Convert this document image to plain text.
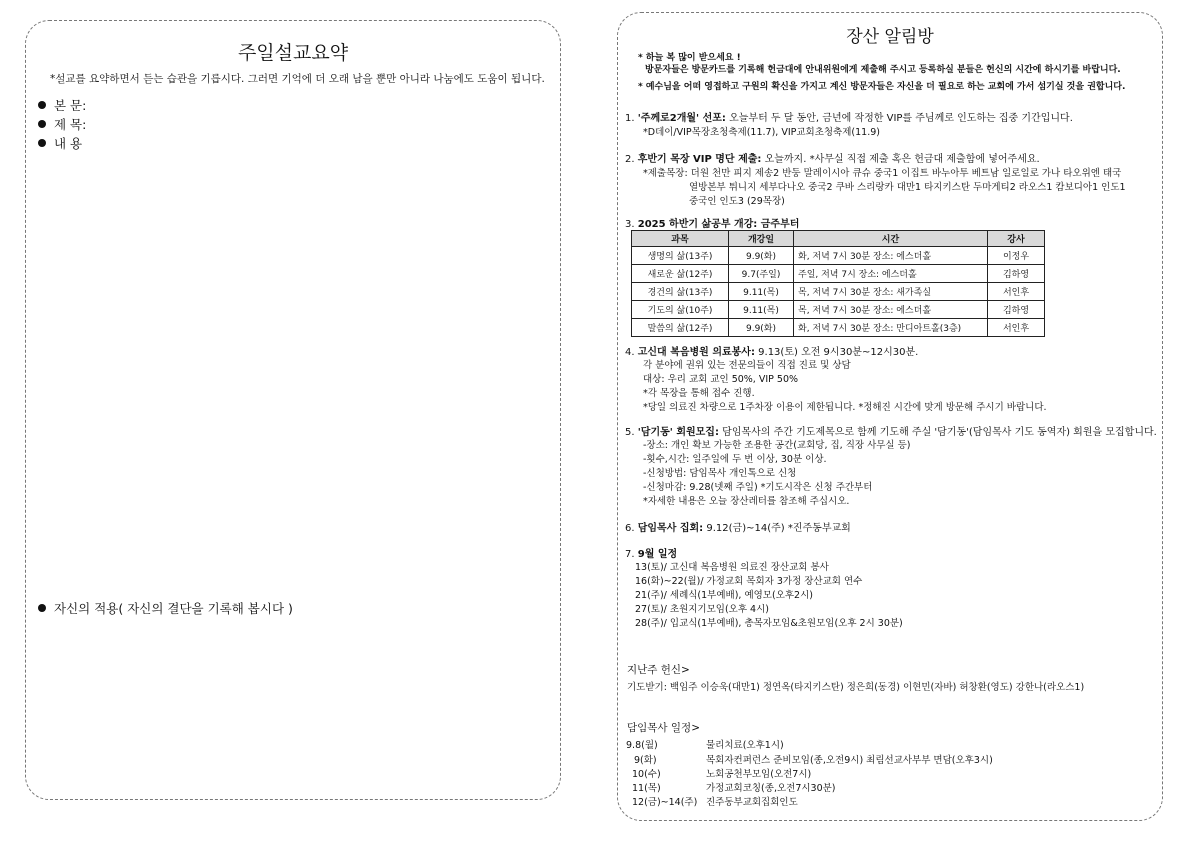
주일설교요약
*설교를 요약하면서 듣는 습관을 기릅시다. 그러면 기억에 더 오래 남을 뿐만 아니라 나눔에도 도움이 됩니다.
본 문:
제 목:
내 용
자신의 적용( 자신의 결단을 기록해 봅시다 )
장산 알림방
* 하늘 복 많이 받으세요 !
방문자들은 방문카드를 기록해 헌금대에 안내위원에게 제출해 주시고 등록하실 분들은 헌신의 시간에 하시기를 바랍니다.
* 예수님을 어떠 영접하고 구원의 확신을 가지고 계신 방문자들은 자신을 더 필요로 하는 교회에 가서 섬기실 것을 권합니다.
1. '주께로2개월' 선포: 오늘부터 두 달 동안, 금년에 작정한 VIP를 주님께로 인도하는 집중 기간입니다.
*D데이/VIP목장초청축제(11.7), VIP교회초청축제(11.9)
2. 후반기 목장 VIP 명단 제출: 오늘까지. *사무실 직접 제출 혹은 헌금대 제출함에 넣어주세요.
*제출목장: 더원 천만 피지 제송2 반둥 말레이시아 큐슈 중국1 이집트 바누아투 베트남 일로일로 가나 타오위엔 태국
열방본부 튀니지 세부다나오 중국2 쿠바 스리랑카 대만1 타지키스탄 두마게티2 라오스1 캄보디아1 인도1
중국인 인도3 (29목장)
3. 2025 하반기 삶공부 개강: 금주부터
과목	개강일	시간	강사
생명의 삶(13주)	9.9(화)	화, 저녁 7시 30분 장소: 에스더홀	이정우
새로운 삶(12주)	9.7(주일)	주일, 저녁 7시 장소: 에스더홀	김하영
경건의 삶(13주)	9.11(목)	목, 저녁 7시 30분 장소: 새가족실	서인후
기도의 삶(10주)	9.11(목)	목, 저녁 7시 30분 장소: 에스더홀	김하영
말씀의 삶(12주)	9.9(화)	화, 저녁 7시 30분 장소: 만디아트홀(3층)	서인후
4. 고신대 복음병원 의료봉사: 9.13(토) 오전 9시30분~12시30분.
각 분야에 권위 있는 전문의들이 직접 진료 및 상담
대상: 우리 교회 교인 50%, VIP 50%
*각 목장을 통해 접수 진행.
*당일 의료진 차량으로 1주차장 이용이 제한됩니다. *정해진 시간에 맞게 방문해 주시기 바랍니다.
5. '담기동' 회원모집: 담임목사의 주간 기도제목으로 함께 기도해 주실 '담기동'(담임목사 기도 동역자) 회원을 모집합니다.
-장소: 개인 확보 가능한 조용한 공간(교회당, 집, 직장 사무실 등)
-횟수,시간: 일주일에 두 번 이상, 30분 이상.
-신청방법: 담임목사 개인톡으로 신청
-신청마감: 9.28(넷째 주일) *기도시작은 신청 주간부터
*자세한 내용은 오늘 장산레터를 참조해 주십시오.
6. 담임목사 집회: 9.12(금)~14(주) *진주동부교회
7. 9월 일정
13(토)/ 고신대 복음병원 의료진 장산교회 봉사
16(화)~22(월)/ 가정교회 목회자 3가정 장산교회 연수
21(주)/ 세례식(1부예배), 예영모(오후2시)
27(토)/ 초원지기모임(오후 4시)
28(주)/ 입교식(1부예배), 총목자모임&초원모임(오후 2시 30분)
지난주 헌신>
기도받기: 백임주 이승욱(대만1) 정연옥(타지키스탄) 정은희(동경) 이현민(자바) 허창환(영도) 강한나(라오스1)
담임목사 일정>
9.8(월)	물리치료(오후1시)
9(화)	목회자컨퍼런스 준비모임(종,오전9시) 최림선교사부부 면담(오후3시)
10(수)	노회공천부모임(오전7시)
11(목)	가정교회코칭(종,오전7시30분)
12(금)~14(주) 진주동부교회집회인도
